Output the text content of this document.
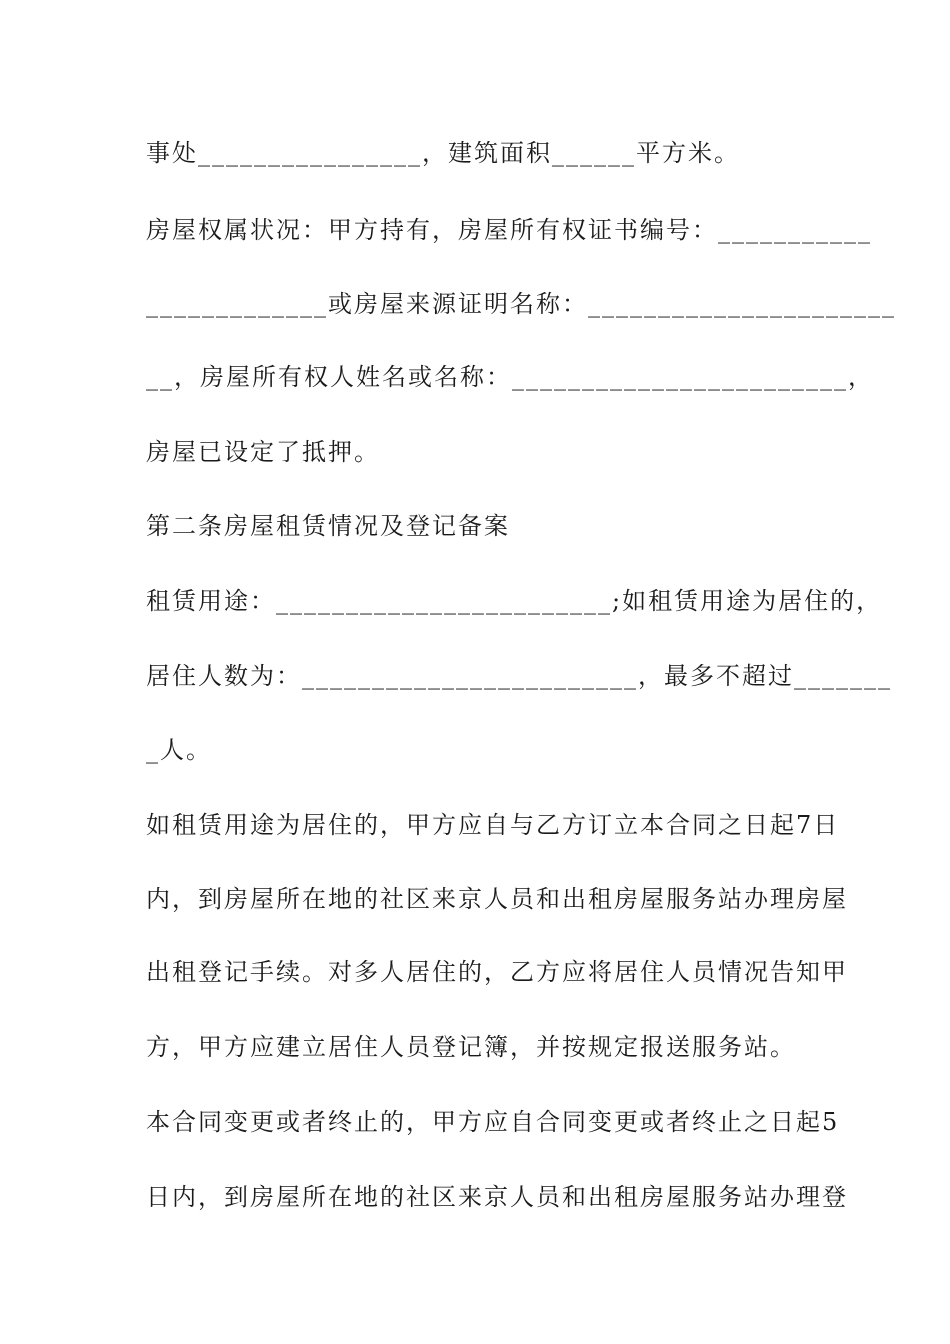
事处________________，建筑面积______平方米。
房屋权属状况：甲方持有，房屋所有权证书编号：___________
_____________或房屋来源证明名称：______________________
__，房屋所有权人姓名或名称：________________________，
房屋已设定了抵押。
第二条房屋租赁情况及登记备案
租赁用途：________________________;如租赁用途为居住的，
居住人数为：________________________，最多不超过_______
_人。
如租赁用途为居住的，甲方应自与乙方订立本合同之日起7日
内，到房屋所在地的社区来京人员和出租房屋服务站办理房屋
出租登记手续。对多人居住的，乙方应将居住人员情况告知甲
方，甲方应建立居住人员登记簿，并按规定报送服务站。
本合同变更或者终止的，甲方应自合同变更或者终止之日起5
日内，到房屋所在地的社区来京人员和出租房屋服务站办理登
